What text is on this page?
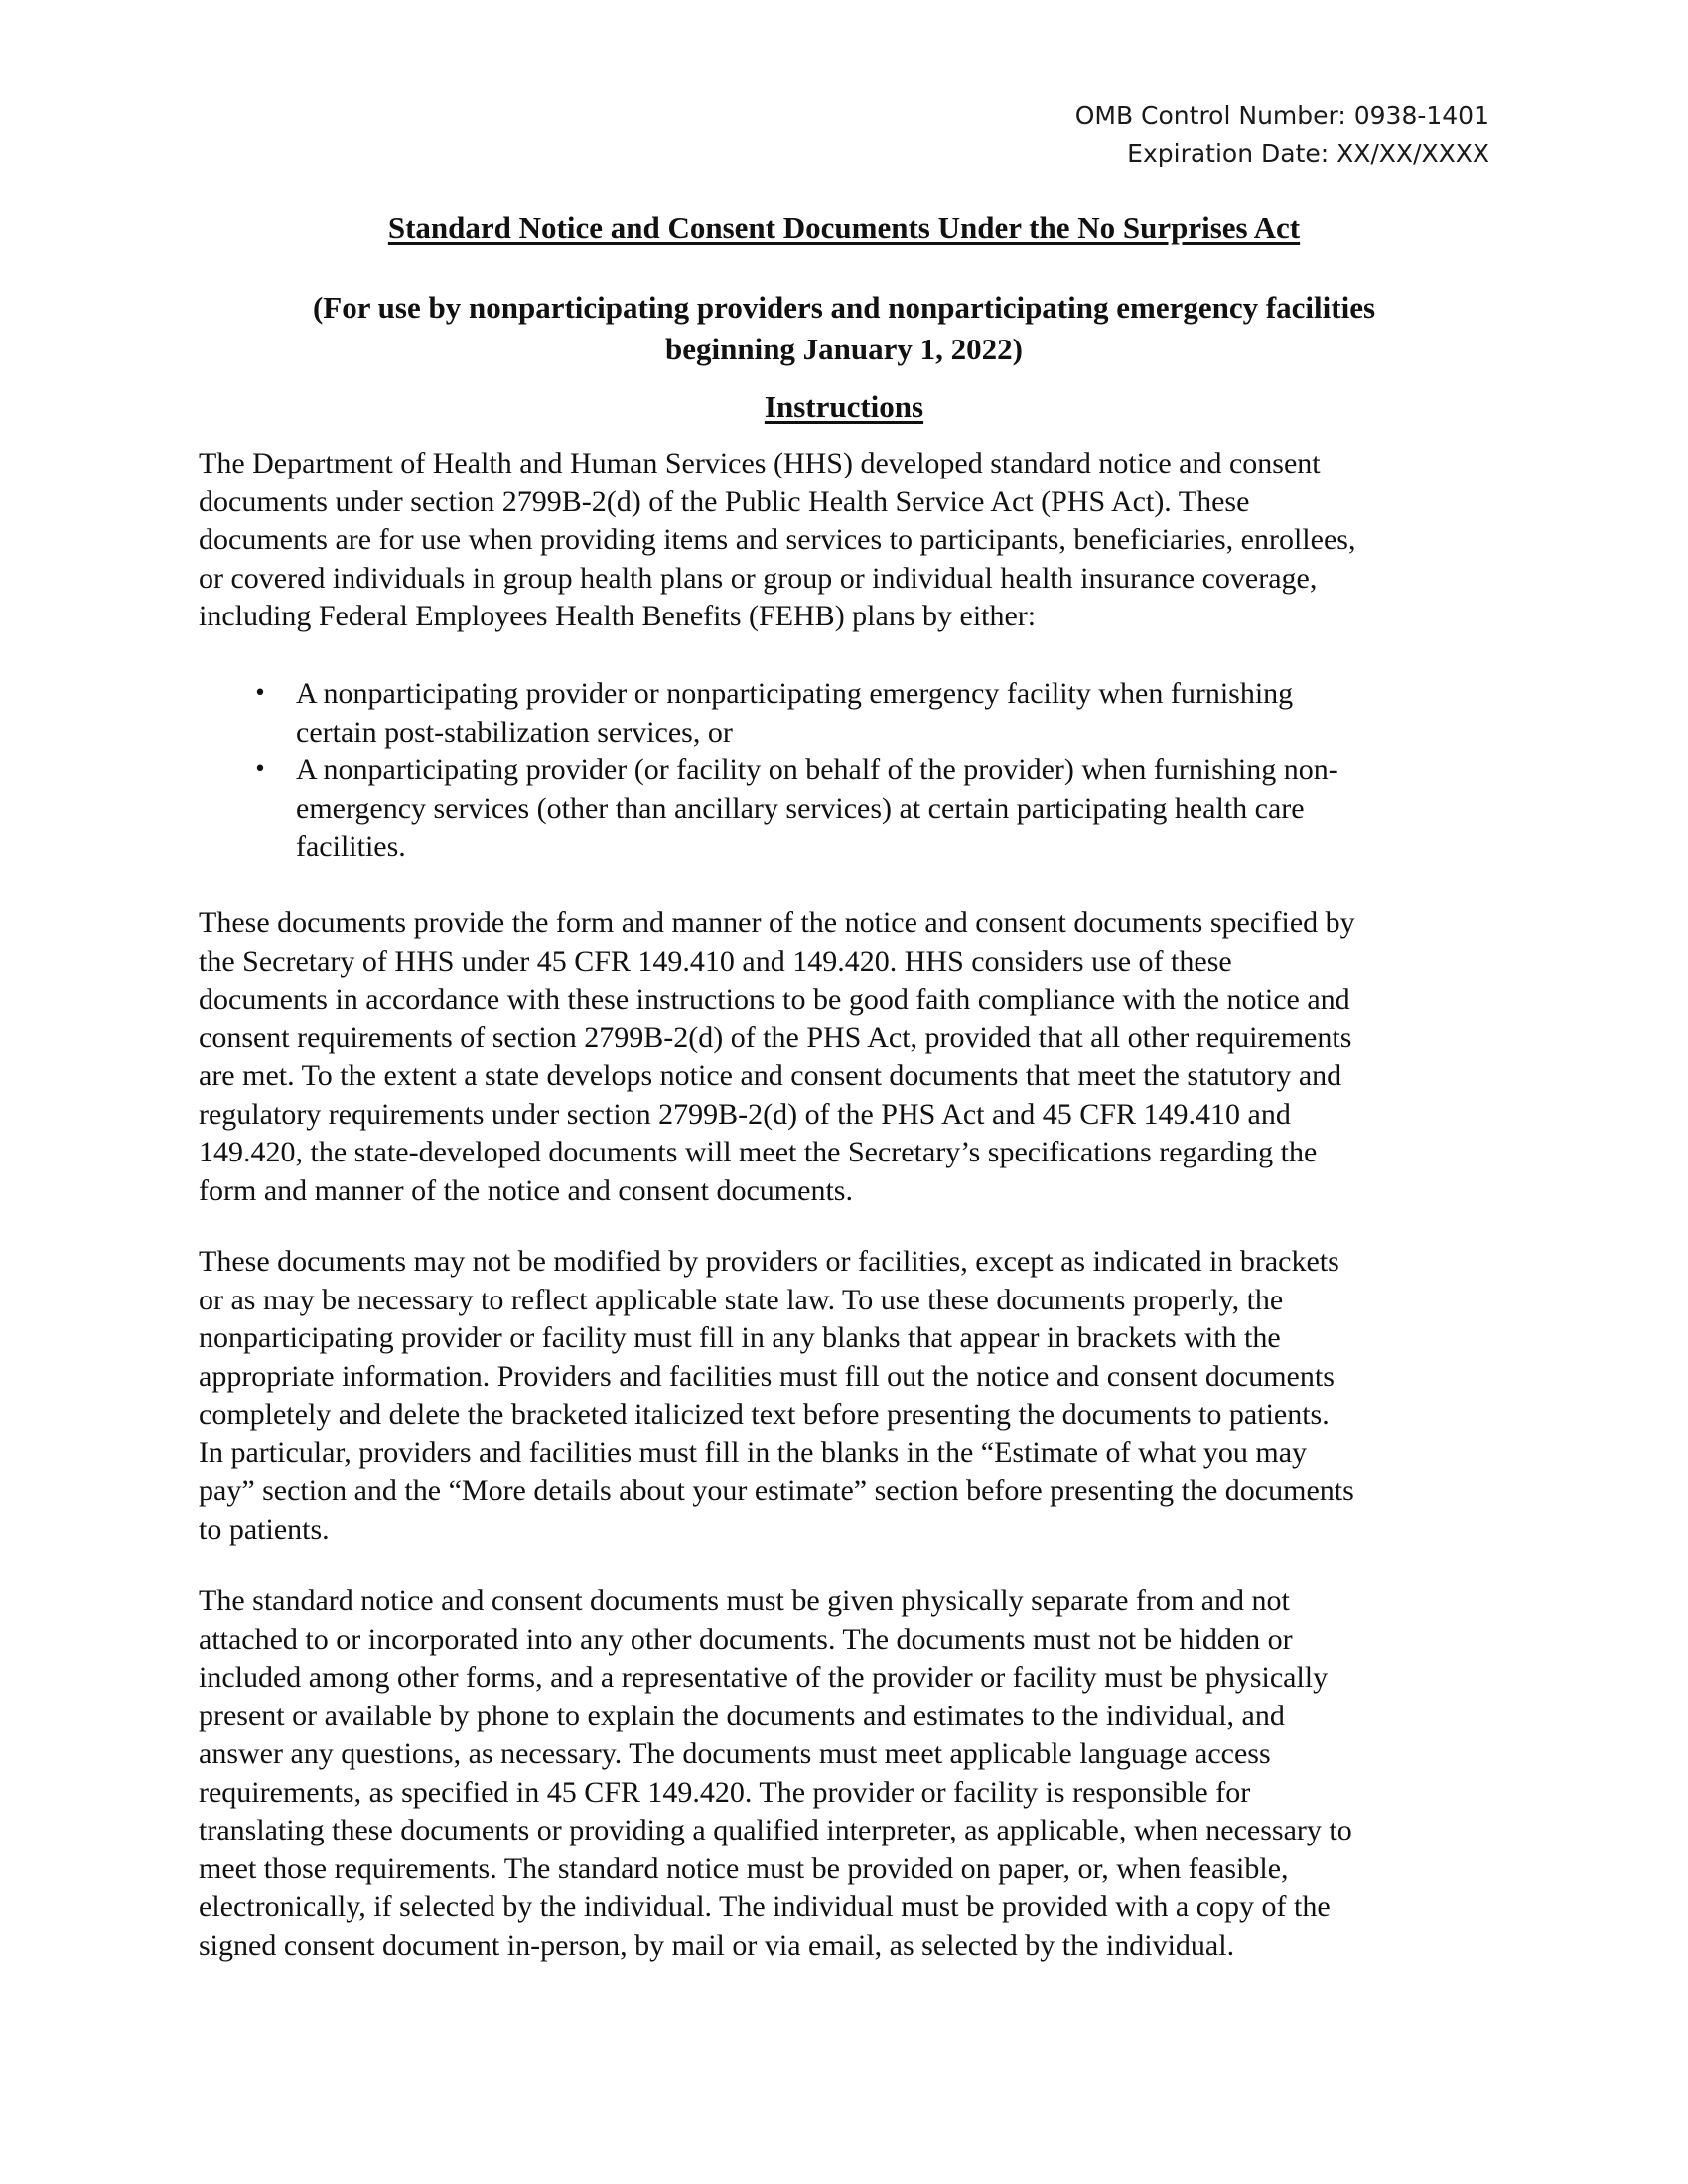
OMB Control Number: 0938-1401
Expiration Date: XX/XX/XXXX
Standard Notice and Consent Documents Under the No Surprises Act
(For use by nonparticipating providers and nonparticipating emergency facilities
beginning January 1, 2022)
Instructions
The Department of Health and Human Services (HHS) developed standard notice and consent
documents under section 2799B-2(d) of the Public Health Service Act (PHS Act). These
documents are for use when providing items and services to participants, beneficiaries, enrollees,
or covered individuals in group health plans or group or individual health insurance coverage,
including Federal Employees Health Benefits (FEHB) plans by either:
• A nonparticipating provider or nonparticipating emergency facility when furnishing
certain post-stabilization services, or
• A nonparticipating provider (or facility on behalf of the provider) when furnishing non-
emergency services (other than ancillary services) at certain participating health care
facilities.
These documents provide the form and manner of the notice and consent documents specified by
the Secretary of HHS under 45 CFR 149.410 and 149.420. HHS considers use of these
documents in accordance with these instructions to be good faith compliance with the notice and
consent requirements of section 2799B-2(d) of the PHS Act, provided that all other requirements
are met. To the extent a state develops notice and consent documents that meet the statutory and
regulatory requirements under section 2799B-2(d) of the PHS Act and 45 CFR 149.410 and
149.420, the state-developed documents will meet the Secretary’s specifications regarding the
form and manner of the notice and consent documents.
These documents may not be modified by providers or facilities, except as indicated in brackets
or as may be necessary to reflect applicable state law. To use these documents properly, the
nonparticipating provider or facility must fill in any blanks that appear in brackets with the
appropriate information. Providers and facilities must fill out the notice and consent documents
completely and delete the bracketed italicized text before presenting the documents to patients.
In particular, providers and facilities must fill in the blanks in the “Estimate of what you may
pay” section and the “More details about your estimate” section before presenting the documents
to patients.
The standard notice and consent documents must be given physically separate from and not
attached to or incorporated into any other documents. The documents must not be hidden or
included among other forms, and a representative of the provider or facility must be physically
present or available by phone to explain the documents and estimates to the individual, and
answer any questions, as necessary. The documents must meet applicable language access
requirements, as specified in 45 CFR 149.420. The provider or facility is responsible for
translating these documents or providing a qualified interpreter, as applicable, when necessary to
meet those requirements. The standard notice must be provided on paper, or, when feasible,
electronically, if selected by the individual. The individual must be provided with a copy of the
signed consent document in-person, by mail or via email, as selected by the individual.
